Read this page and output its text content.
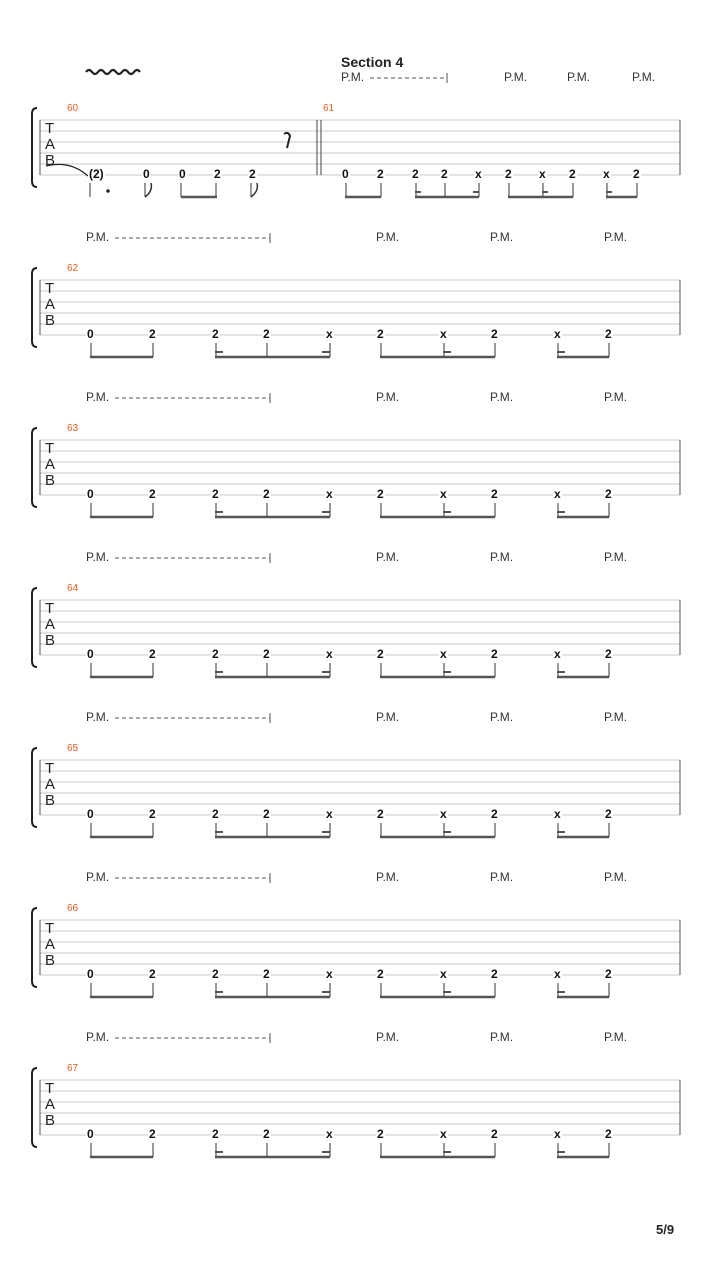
Section 4
P.M.	P.M.	P.M.	P.M.
T
A
B
60	61
(2)	0 0 2 2	0 2 2 2 x 2 x 2 x 2
T
A
B
62
P.M.	P.M.	P.M.	P.M.
0	2	2	2	x	2	x	2	x	2
T
A
B
63
P.M.	P.M.	P.M.	P.M.
0	2	2	2	x	2	x	2	x	2
T
A
B
64
P.M.	P.M.	P.M.	P.M.
0	2	2	2	x	2	x	2	x	2
T
A
B
65
P.M.	P.M.	P.M.	P.M.
0	2	2	2	x	2	x	2	x	2
T
A
B
66
P.M.	P.M.	P.M.	P.M.
0	2	2	2	x	2	x	2	x	2
T
A
B
67
P.M.	P.M.	P.M.	P.M.
0	2	2	2	x	2	x	2	x	2
5/9
